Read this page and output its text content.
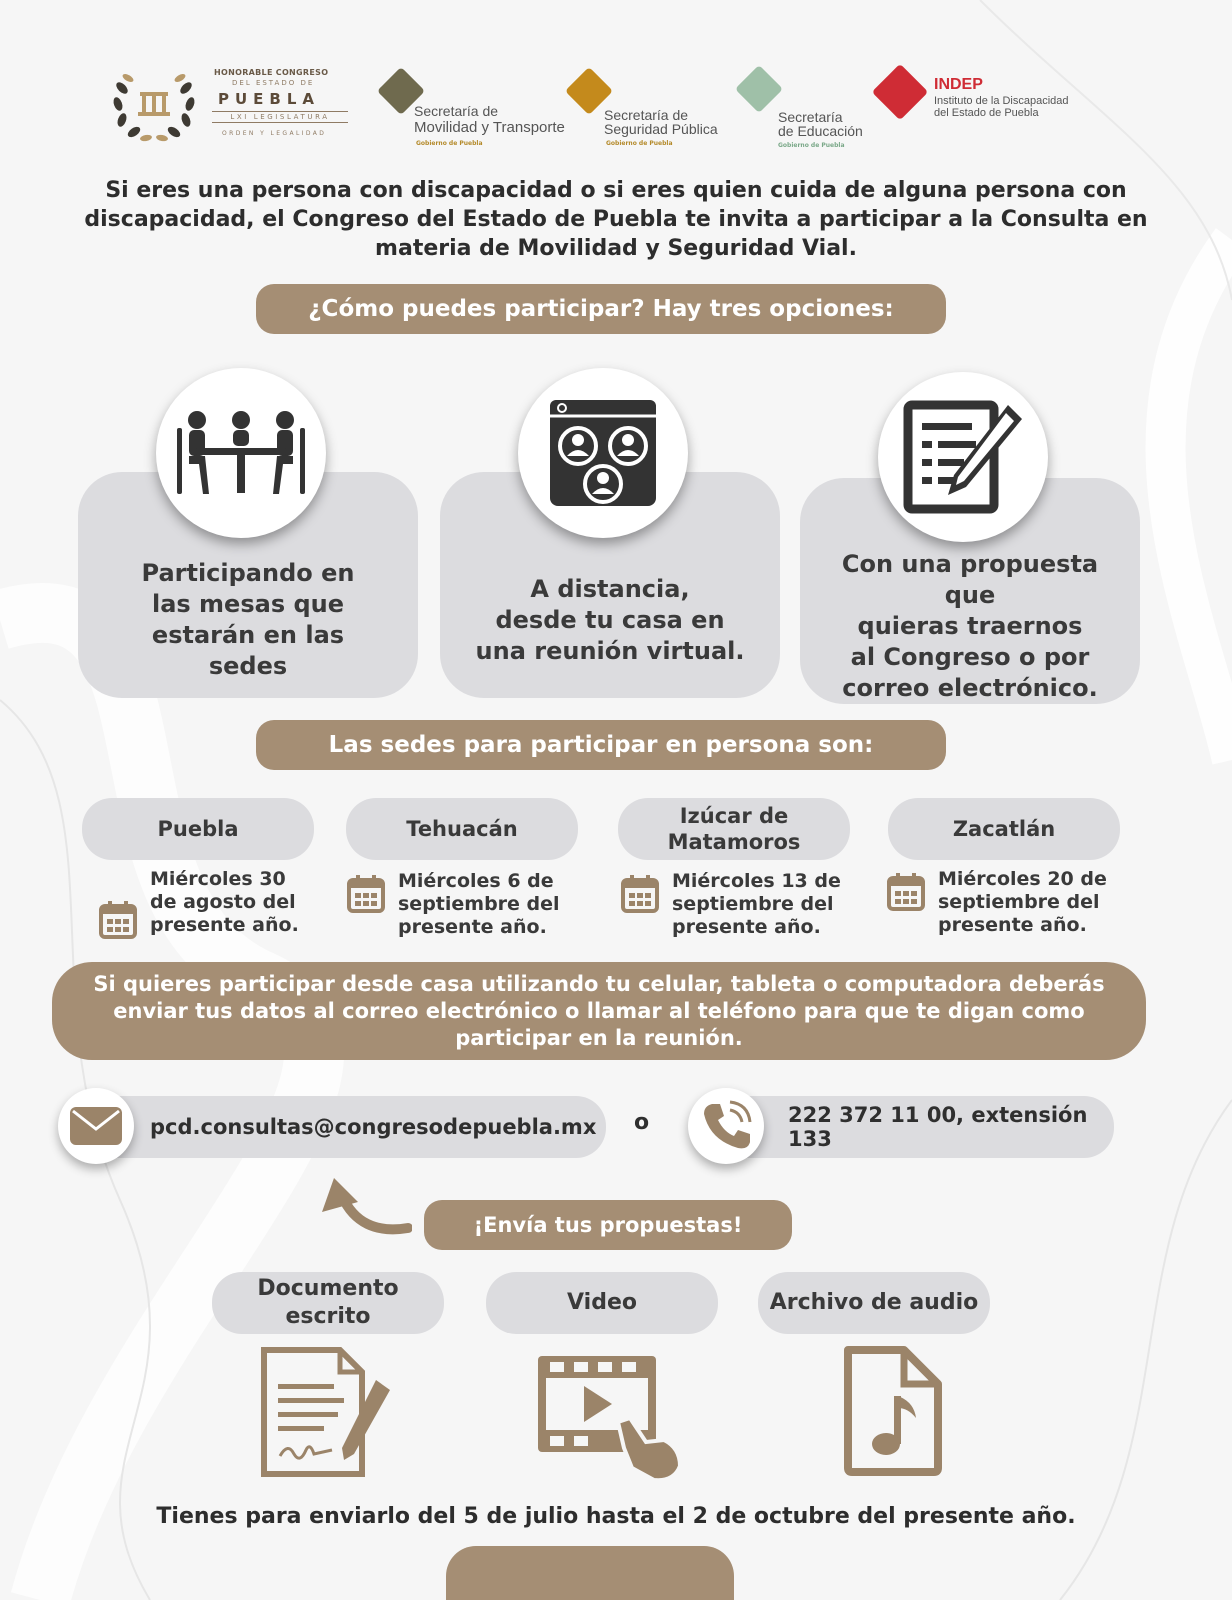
HONORABLE CONGRESO
DEL ESTADO DE
PUEBLA
LXI LEGISLATURA
ORDEN Y LEGALIDAD
Secretaría de
Movilidad y Transporte
Gobierno de Puebla
Secretaría de
Seguridad Pública
Gobierno de Puebla
Secretaría
de Educación
Gobierno de Puebla
INDEP
Instituto de la Discapacidad
del Estado de Puebla
Si eres una persona con discapacidad o si eres quien cuida de alguna persona con
discapacidad, el Congreso del Estado de Puebla te invita a participar a la Consulta en
materia de Movilidad y Seguridad Vial.
¿Cómo puedes participar? Hay tres opciones:
Participando en
las mesas que
estarán en las
sedes
A distancia,
desde tu casa en
una reunión virtual.
Con una propuesta que
quieras traernos
al Congreso o por
correo electrónico.
Las sedes para participar en persona son:
Puebla
Miércoles 30
de agosto del
presente año.
Tehuacán
Miércoles 6 de
septiembre del
presente año.
Izúcar de
Matamoros
Miércoles 13 de
septiembre del
presente año.
Zacatlán
Miércoles 20 de
septiembre del
presente año.
Si quieres participar desde casa utilizando tu celular, tableta o computadora deberás
enviar tus datos al correo electrónico o llamar al teléfono para que te digan como
participar en la reunión.
pcd.consultas@congresodepuebla.mx o	222 372 11 00, extensión 133
¡Envía tus propuestas!
Documento
escrito
Video	Archivo de audio
Tienes para enviarlo del 5 de julio hasta el 2 de octubre del presente año.
